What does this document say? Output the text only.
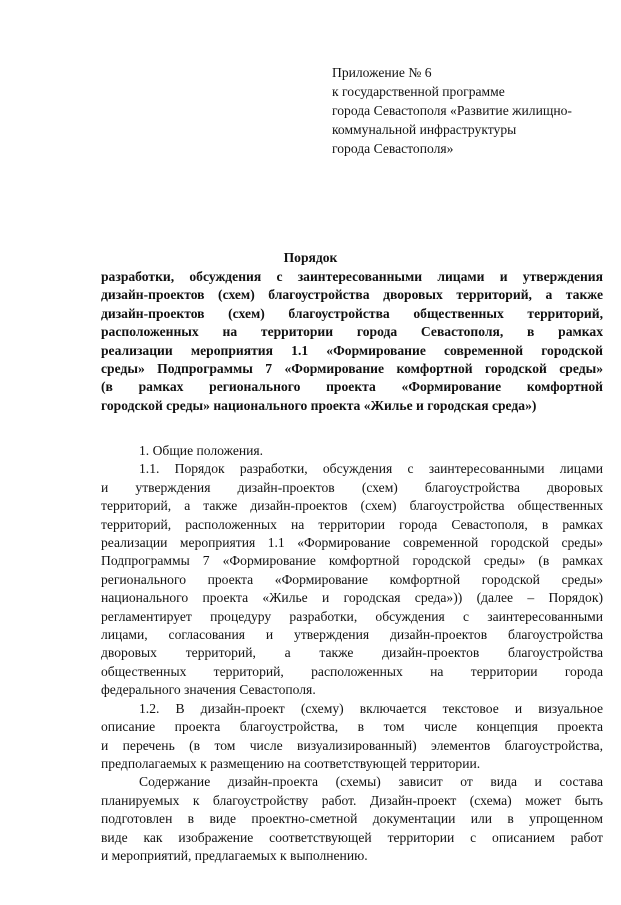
Приложение № 6
к государственной программе
города Севастополя «Развитие жилищно-
коммунальной инфраструктуры
города Севастополя»
Порядок
разработки, обсуждения с заинтересованными лицами и утверждения
дизайн-проектов (схем) благоустройства дворовых территорий, а также
дизайн-проектов (схем) благоустройства общественных территорий,
расположенных на территории города Севастополя, в рамках
реализации мероприятия 1.1 «Формирование современной городской
среды» Подпрограммы 7 «Формирование комфортной городской среды»
(в рамках регионального проекта «Формирование комфортной
городской среды» национального проекта «Жилье и городская среда»)
1. Общие положения.
1.1. Порядок разработки, обсуждения с заинтересованными лицами
и утверждения дизайн-проектов (схем) благоустройства дворовых
территорий, а также дизайн-проектов (схем) благоустройства общественных
территорий, расположенных на территории города Севастополя, в рамках
реализации мероприятия 1.1 «Формирование современной городской среды»
Подпрограммы 7 «Формирование комфортной городской среды» (в рамках
регионального проекта «Формирование комфортной городской среды»
национального проекта «Жилье и городская среда»)) (далее – Порядок)
регламентирует процедуру разработки, обсуждения с заинтересованными
лицами, согласования и утверждения дизайн-проектов благоустройства
дворовых территорий, а также дизайн-проектов благоустройства
общественных территорий, расположенных на территории города
федерального значения Севастополя.
1.2. В дизайн-проект (схему) включается текстовое и визуальное
описание проекта благоустройства, в том числе концепция проекта
и перечень (в том числе визуализированный) элементов благоустройства,
предполагаемых к размещению на соответствующей территории.
Содержание дизайн-проекта (схемы) зависит от вида и состава
планируемых к благоустройству работ. Дизайн-проект (схема) может быть
подготовлен в виде проектно-сметной документации или в упрощенном
виде как изображение соответствующей территории с описанием работ
и мероприятий, предлагаемых к выполнению.
